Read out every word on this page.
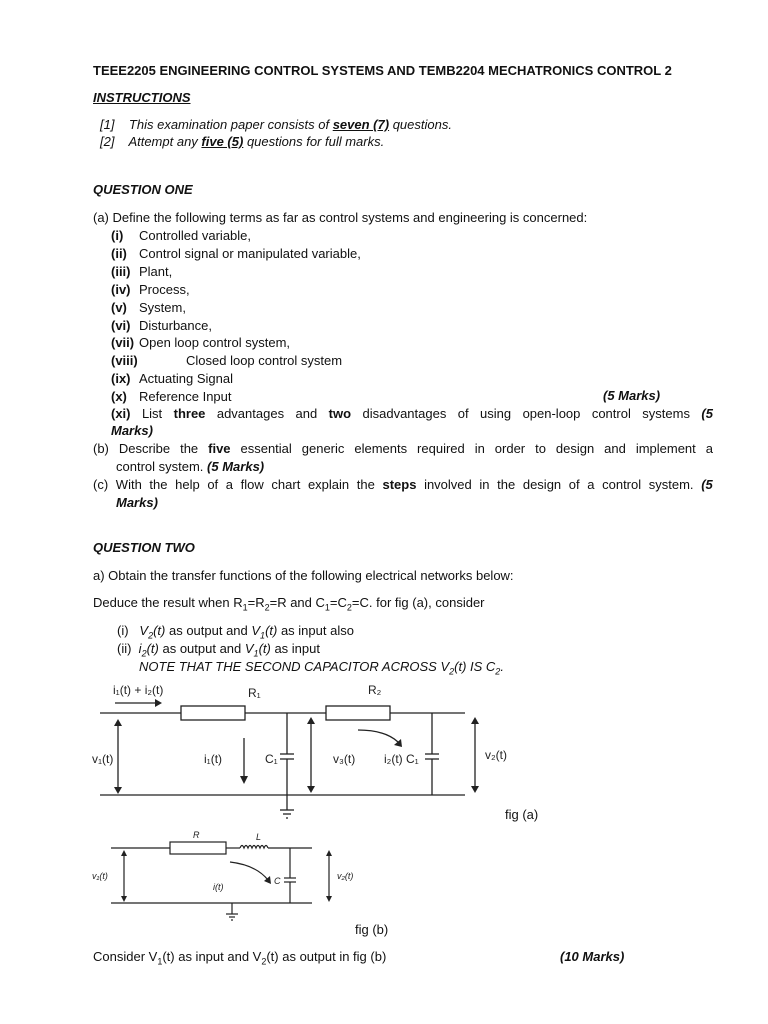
TEEE2205 ENGINEERING CONTROL SYSTEMS AND TEMB2204 MECHATRONICS CONTROL 2
INSTRUCTIONS
[1] This examination paper consists of seven (7) questions.
[2] Attempt any five (5) questions for full marks.
QUESTION ONE
(a) Define the following terms as far as control systems and engineering is concerned:
(i) Controlled variable,
(ii) Control signal or manipulated variable,
(iii) Plant,
(iv) Process,
(v) System,
(vi) Disturbance,
(vii) Open loop control system,
(viii)	Closed loop control system
(ix) Actuating Signal
(x) Reference Input	(5 Marks)
(xi) List three advantages and two disadvantages of using open-loop control systems (5
Marks)
(b) Describe the five essential generic elements required in order to design and implement a
control system. (5 Marks)
(c) With the help of a flow chart explain the steps involved in the design of a control system. (5
Marks)
QUESTION TWO
a) Obtain the transfer functions of the following electrical networks below:
Deduce the result when $R_1=R_2=R$ and $C_1=C_2=C$. for fig (a), consider
(i) $V_2(t)$ as output and $V_1(t)$ as input also
(ii) $i_2(t)$ as output and $V_1(t)$ as input
NOTE THAT THE SECOND CAPACITOR ACROSS $V_2(t)$ IS $C_2$.
i₁(t) + i₂(t)	R₁	R₂
v₁(t)	i₁(t)	C₁	v₃(t) i₂(t) C₁	v₂(t)
fig (a)
R	L
v₁(t)
i(t)
C	v₂(t)
fig (b)
Consider $V_1(t)$ as input and $V_2(t)$ as output in fig (b)	(10 Marks)
